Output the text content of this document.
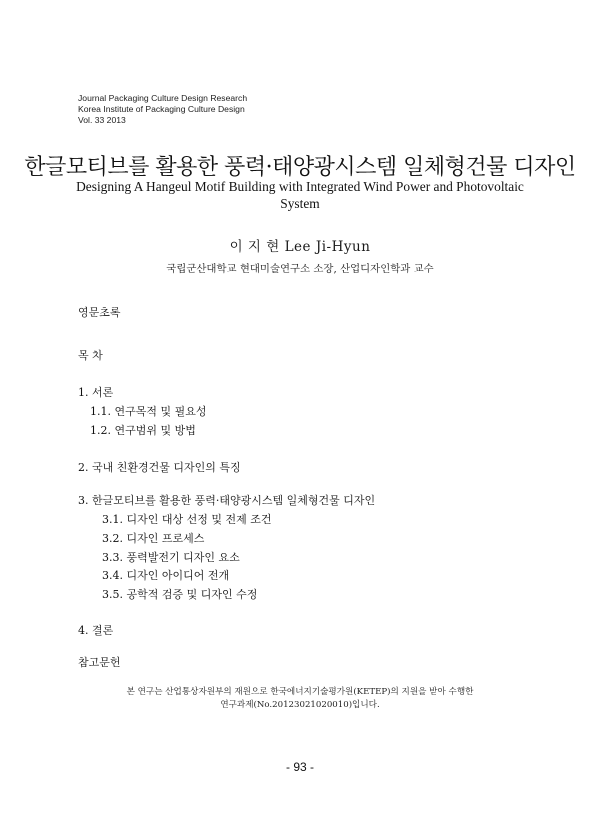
Journal Packaging Culture Design Research
Korea Institute of Packaging Culture Design
Vol. 33 2013
한글모티브를 활용한 풍력·태양광시스템 일체형건물 디자인
Designing A Hangeul Motif Building with Integrated Wind Power and Photovoltaic
System
이 지 현 Lee Ji-Hyun
국립군산대학교 현대미술연구소 소장, 산업디자인학과 교수
영문초록
목 차
1. 서론
1.1. 연구목적 및 필요성
1.2. 연구범위 및 방법
2. 국내 친환경건물 디자인의 특징
3. 한글모티브를 활용한 풍력·태양광시스템 일체형건물 디자인
3.1. 디자인 대상 선정 및 전제 조건
3.2. 디자인 프로세스
3.3. 풍력발전기 디자인 요소
3.4. 디자인 아이디어 전개
3.5. 공학적 검증 및 디자인 수정
4. 결론
참고문헌
본 연구는 산업통상자원부의 재원으로 한국에너지기술평가원(KETEP)의 지원을 받아 수행한
연구과제(No.20123021020010)입니다.
- 93 -
